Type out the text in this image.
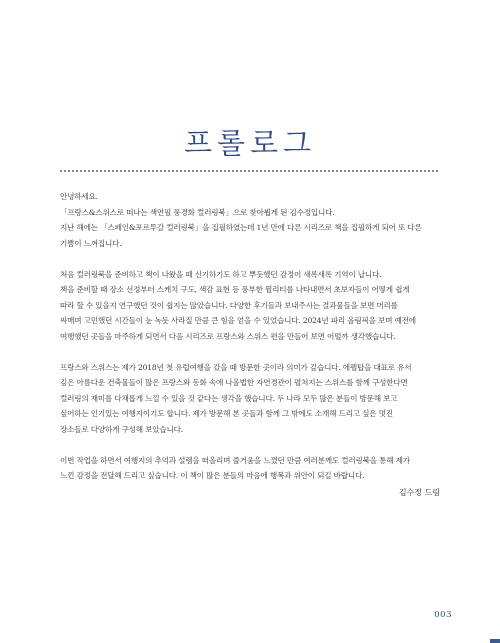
프롤로그

안녕하세요.
「프랑스&스위스로 떠나는 색연필 풍경화 컬러링북」으로 찾아뵙게 된 김수정입니다.
지난 해에는 「스페인&포르투갈 컬러링북」을 집필하였는데 1년 만에 다른 시리즈로 책을 집필하게 되어 또 다른
기쁨이 느껴집니다.

처음 컬러링북을 준비하고 책이 나왔을 때 신기하기도 하고 뿌듯했던 감정이 새록새록 기억이 납니다.
책을 준비할 때 장소 선정부터 스케치 구도, 색감 표현 등 풍부한 뭘리티를 나타내면서 초보자들이 어떻게 쉽게
따라 할 수 있을지 연구했던 것이 쉽지는 않았습니다. 다양한 후기들과 보내주시는 결과물들을 보면 머리를
싸매며 고민했던 시간들이 눈 녹듯 사라질 만큼 큰 힘을 얻을 수 있었습니다. 2024년 파리 올림픽을 보며 예전에
여행했던 곳들을 마주하게 되면서 다음 시리즈로 프랑스와 스위스 편을 만들어 보면 어떨까 생각했습니다.

프랑스와 스위스는 제가 2018년 첫 유럽여행을 갔을 때 방문한 곳이라 의미가 깊습니다. 에펠탑을 대표로 유서
깊은 아름다운 건축물들이 많은 프랑스와 동화 속에 나올법한 자연경관이 펼쳐지는 스위스를 함께 구성한다면
컬러링의 재미를 다채롭게 느낄 수 있을 것 같다는 생각을 했습니다. 두 나라 모두 많은 분들이 방문해 보고
싶어하는 인기있는 여행지이기도 합니다. 제가 방문해 본 곳들과 함께 그 밖에도 소개해 드리고 싶은 멋진
장소들로 다양하게 구성해 보았습니다.

이번 작업을 하면서 여행지의 추억과 설렘을 떠올리며 즐거움을 느꼈던 만큼 여러분께도 컬러링북을 통해 제가
느낀 감정을 전달해 드리고 싶습니다. 이 책이 많은 분들의 마음에 행복과 위안이 되길 바랍니다.

김수정 드림
003
